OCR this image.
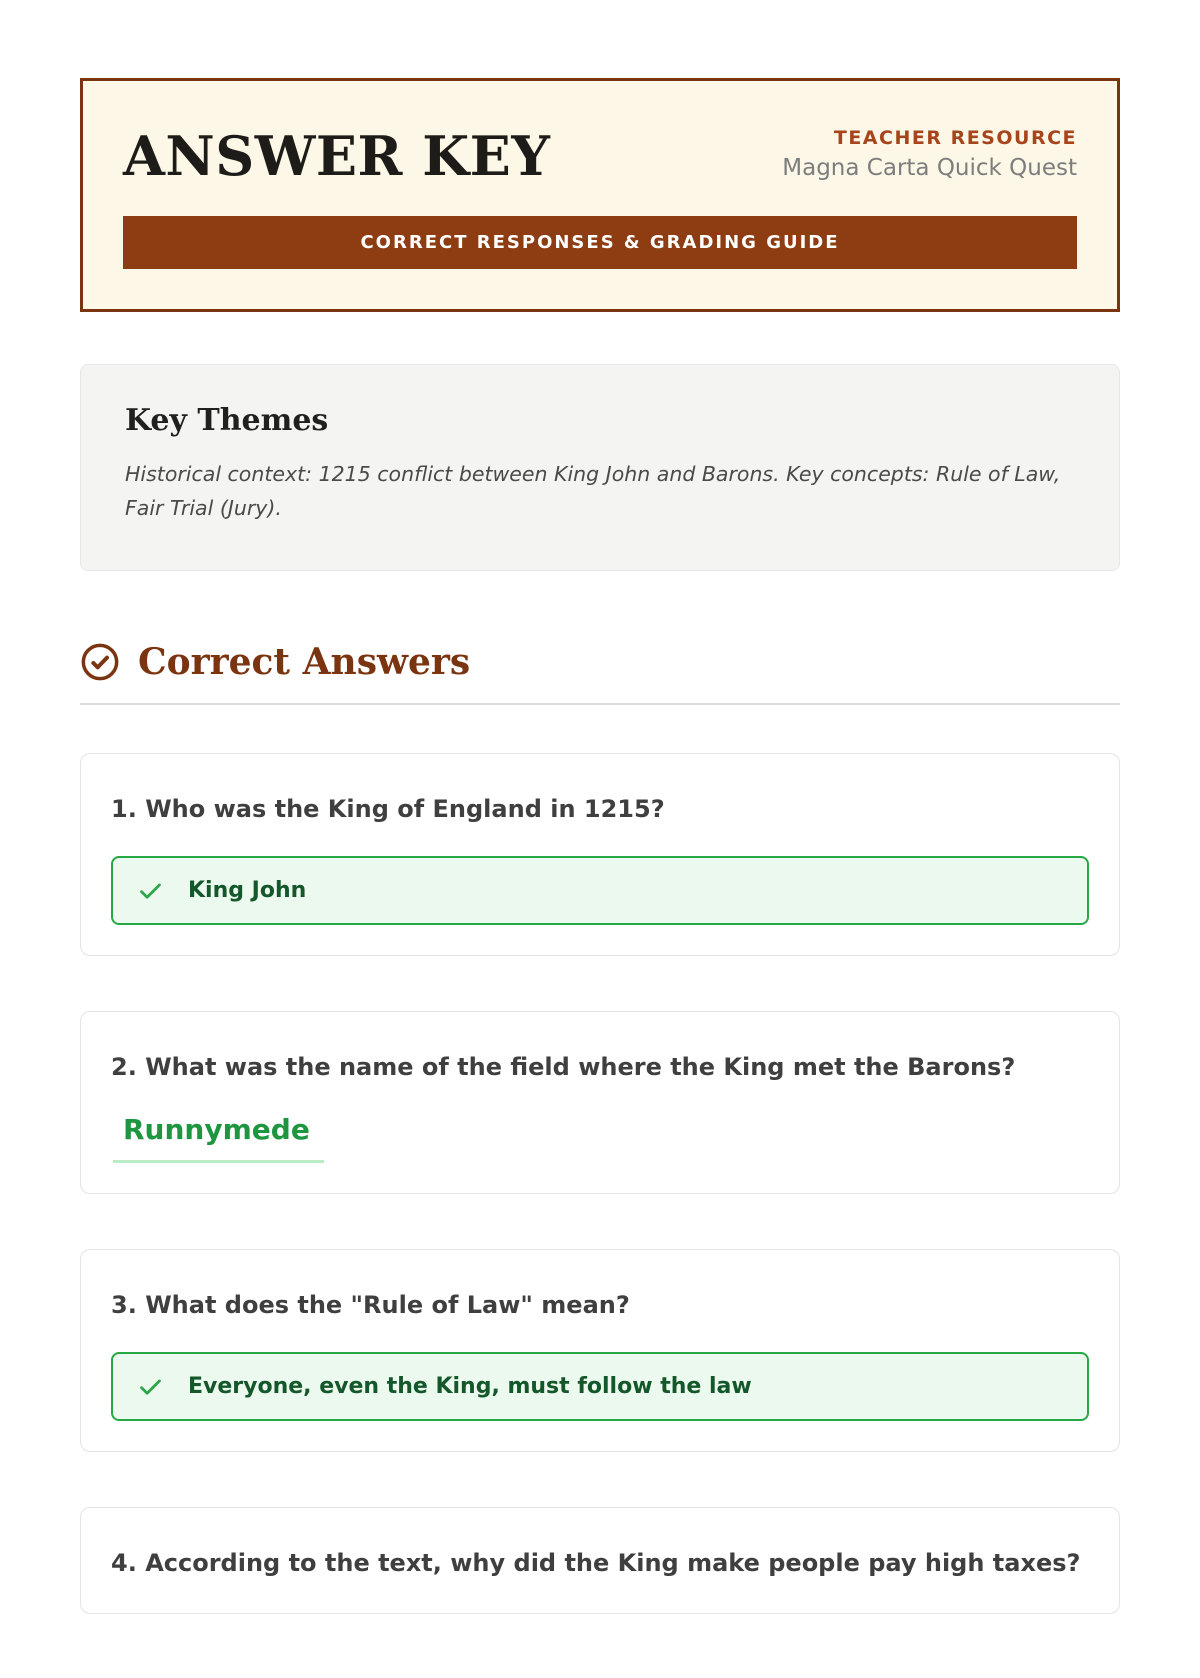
ANSWER KEY	TEACHER RESOURCE
Magna Carta Quick Quest
CORRECT RESPONSES & GRADING GUIDE
Key Themes
Historical context: 1215 conflict between King John and Barons. Key concepts: Rule of Law, Fair Trial (Jury).
Correct Answers
1. Who was the King of England in 1215?
King John
2. What was the name of the field where the King met the Barons?
Runnymede
3. What does the "Rule of Law" mean?
Everyone, even the King, must follow the law
4. According to the text, why did the King make people pay high taxes?
